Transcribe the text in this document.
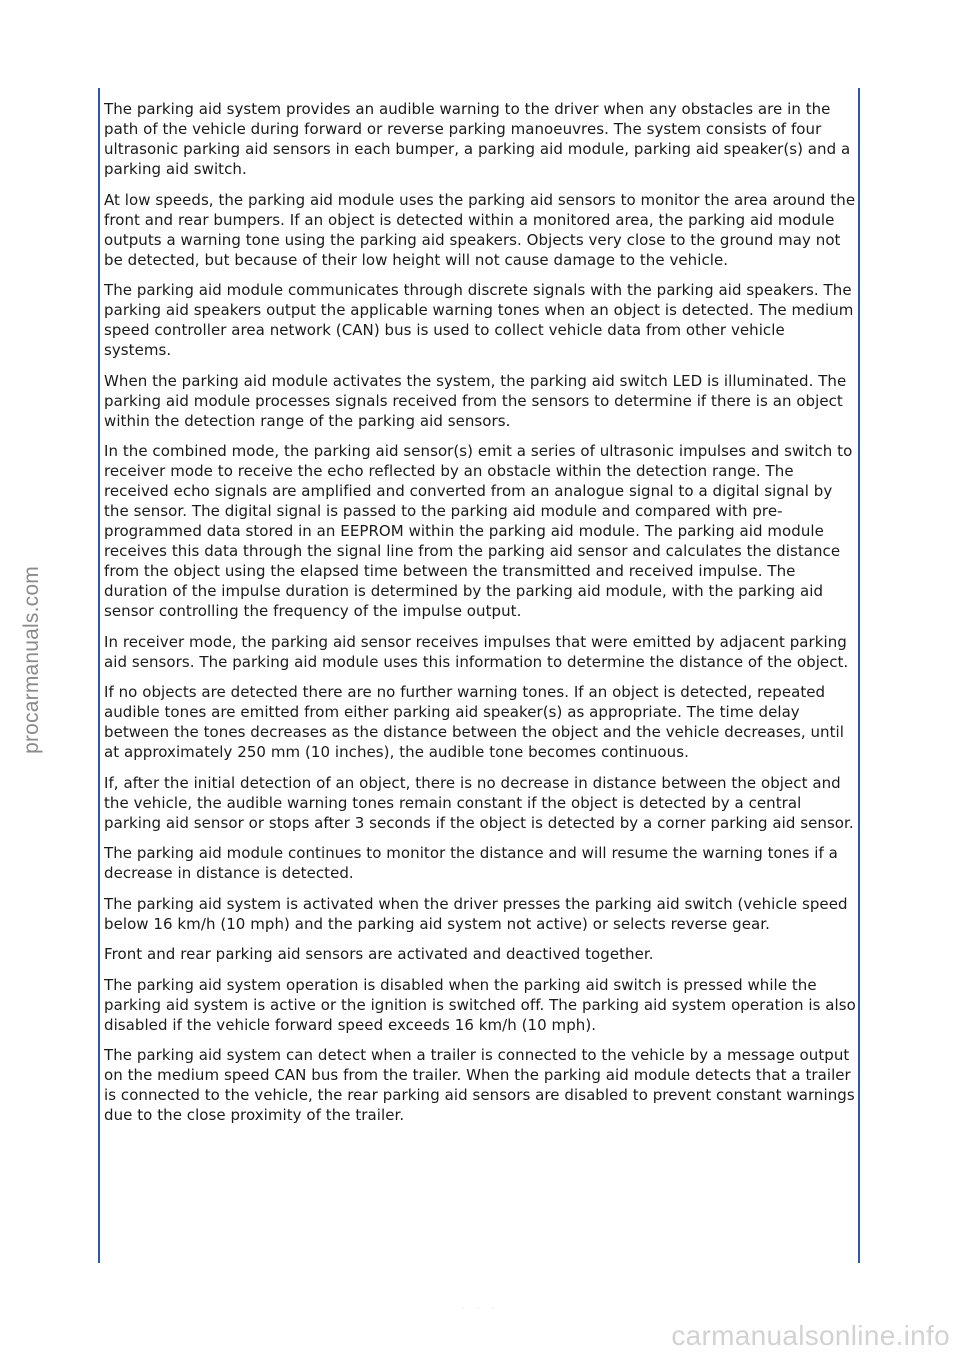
procarmanuals.com

The parking aid system provides an audible warning to the driver when any obstacles are in the path of the vehicle during forward or reverse parking manoeuvres. The system consists of four ultrasonic parking aid sensors in each bumper, a parking aid module, parking aid speaker(s) and a parking aid switch.

At low speeds, the parking aid module uses the parking aid sensors to monitor the area around the front and rear bumpers. If an object is detected within a monitored area, the parking aid module outputs a warning tone using the parking aid speakers. Objects very close to the ground may not be detected, but because of their low height will not cause damage to the vehicle.

The parking aid module communicates through discrete signals with the parking aid speakers. The parking aid speakers output the applicable warning tones when an object is detected. The medium speed controller area network (CAN) bus is used to collect vehicle data from other vehicle systems.

When the parking aid module activates the system, the parking aid switch LED is illuminated. The parking aid module processes signals received from the sensors to determine if there is an object within the detection range of the parking aid sensors.

In the combined mode, the parking aid sensor(s) emit a series of ultrasonic impulses and switch to receiver mode to receive the echo reflected by an obstacle within the detection range. The received echo signals are amplified and converted from an analogue signal to a digital signal by the sensor. The digital signal is passed to the parking aid module and compared with pre-programmed data stored in an EEPROM within the parking aid module. The parking aid module receives this data through the signal line from the parking aid sensor and calculates the distance from the object using the elapsed time between the transmitted and received impulse. The duration of the impulse duration is determined by the parking aid module, with the parking aid sensor controlling the frequency of the impulse output.

In receiver mode, the parking aid sensor receives impulses that were emitted by adjacent parking aid sensors. The parking aid module uses this information to determine the distance of the object.

If no objects are detected there are no further warning tones. If an object is detected, repeated audible tones are emitted from either parking aid speaker(s) as appropriate. The time delay between the tones decreases as the distance between the object and the vehicle decreases, until at approximately 250 mm (10 inches), the audible tone becomes continuous.

If, after the initial detection of an object, there is no decrease in distance between the object and the vehicle, the audible warning tones remain constant if the object is detected by a central parking aid sensor or stops after 3 seconds if the object is detected by a corner parking aid sensor.

The parking aid module continues to monitor the distance and will resume the warning tones if a decrease in distance is detected.

The parking aid system is activated when the driver presses the parking aid switch (vehicle speed below 16 km/h (10 mph) and the parking aid system not active) or selects reverse gear.

Front and rear parking aid sensors are activated and deactived together.

The parking aid system operation is disabled when the parking aid switch is pressed while the parking aid system is active or the ignition is switched off. The parking aid system operation is also disabled if the vehicle forward speed exceeds 16 km/h (10 mph).

The parking aid system can detect when a trailer is connected to the vehicle by a message output on the medium speed CAN bus from the trailer. When the parking aid module detects that a trailer is connected to the vehicle, the rear parking aid sensors are disabled to prevent constant warnings due to the close proximity of the trailer.

- - -
carmanualsonline.info
